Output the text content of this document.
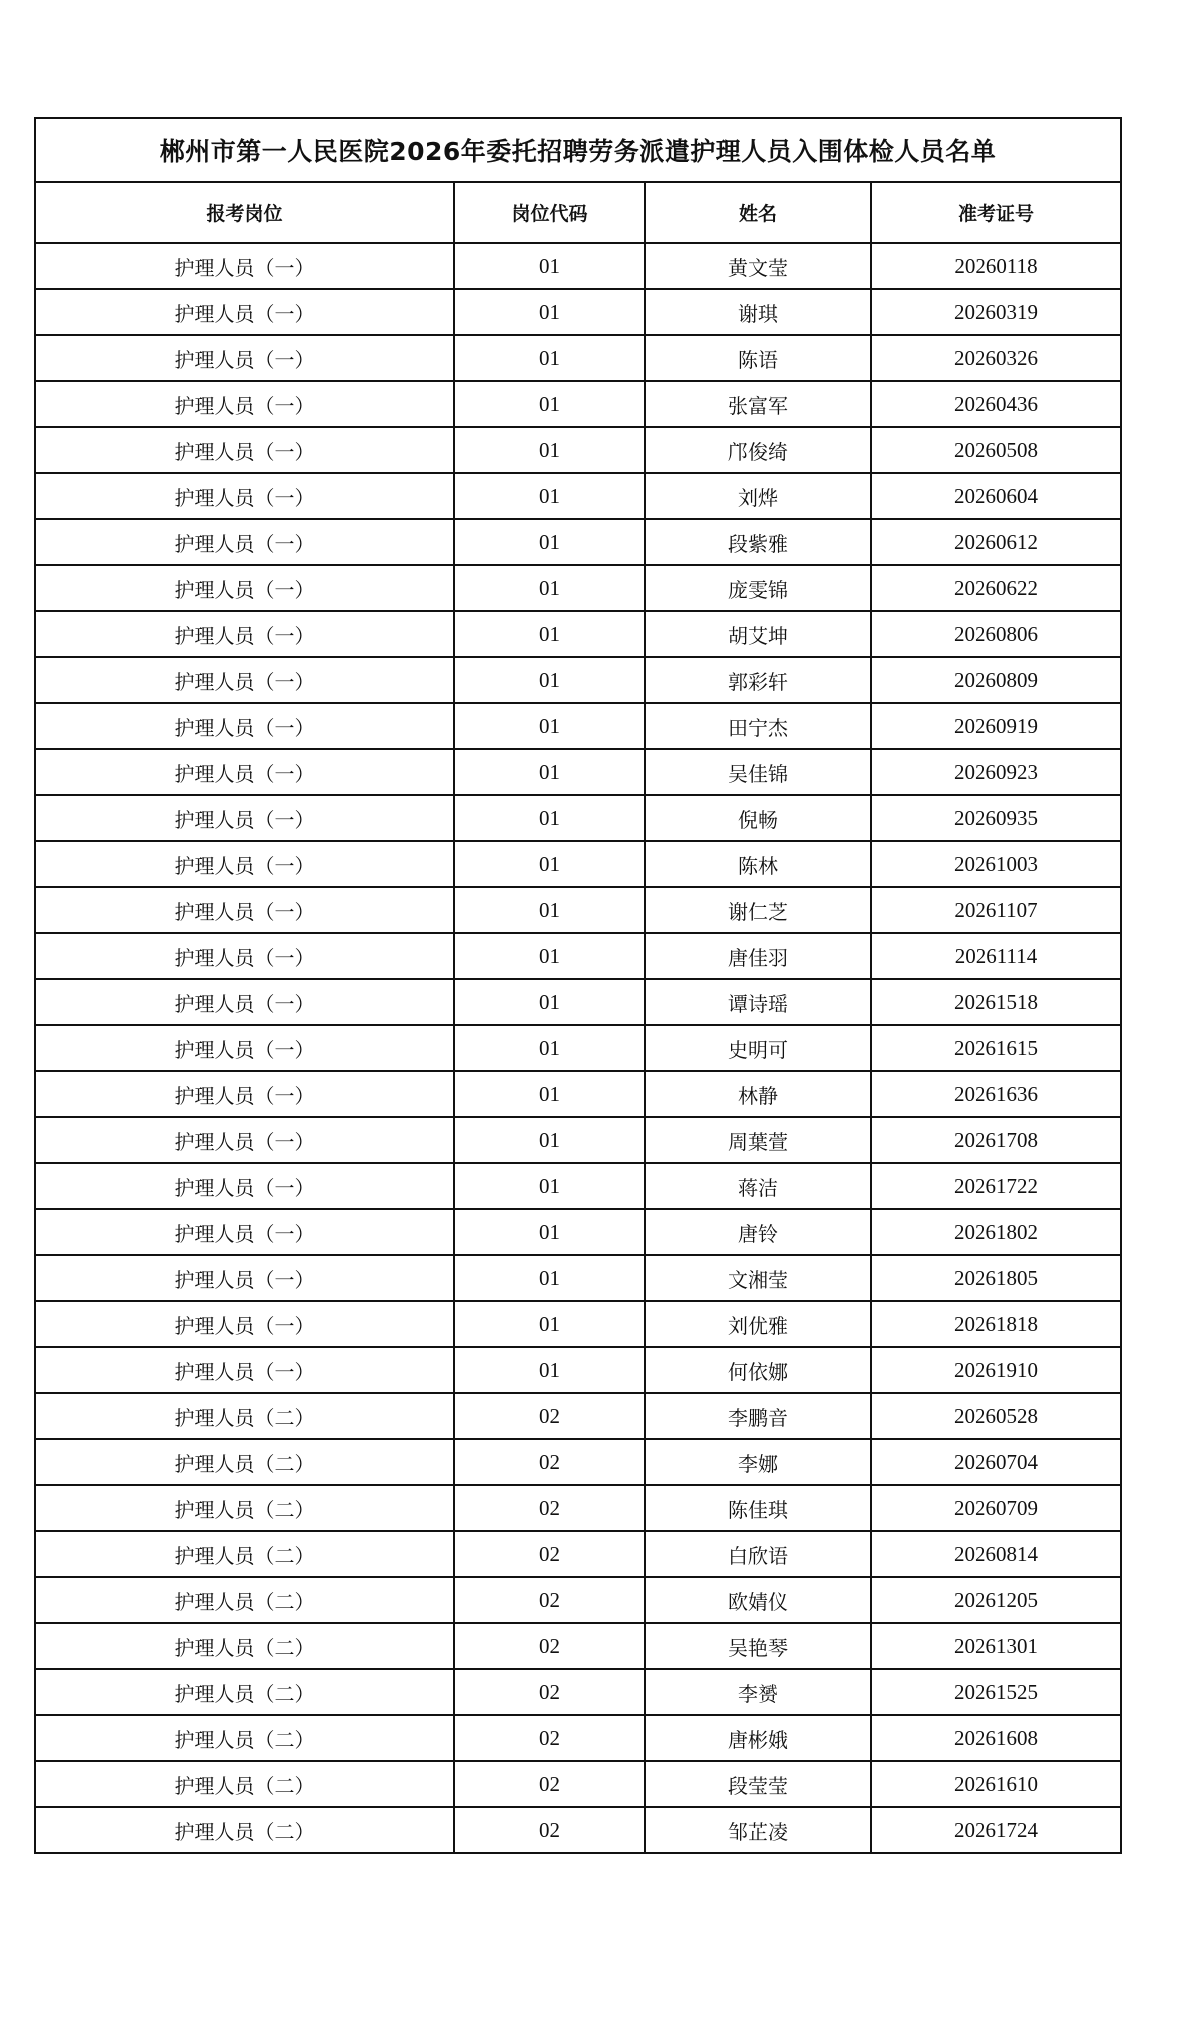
郴州市第一人民医院2026年委托招聘劳务派遣护理人员入围体检人员名单			
报考岗位	岗位代码	姓名	准考证号
护理人员（一）	01	黄文莹	20260118
护理人员（一）	01	谢琪	20260319
护理人员（一）	01	陈语	20260326
护理人员（一）	01	张富军	20260436
护理人员（一）	01	邝俊绮	20260508
护理人员（一）	01	刘烨	20260604
护理人员（一）	01	段紫雅	20260612
护理人员（一）	01	庞雯锦	20260622
护理人员（一）	01	胡艾坤	20260806
护理人员（一）	01	郭彩轩	20260809
护理人员（一）	01	田宁杰	20260919
护理人员（一）	01	吴佳锦	20260923
护理人员（一）	01	倪畅	20260935
护理人员（一）	01	陈林	20261003
护理人员（一）	01	谢仁芝	20261107
护理人员（一）	01	唐佳羽	20261114
护理人员（一）	01	谭诗瑶	20261518
护理人员（一）	01	史明可	20261615
护理人员（一）	01	林静	20261636
护理人员（一）	01	周葉萱	20261708
护理人员（一）	01	蒋洁	20261722
护理人员（一）	01	唐铃	20261802
护理人员（一）	01	文湘莹	20261805
护理人员（一）	01	刘优雅	20261818
护理人员（一）	01	何依娜	20261910
护理人员（二）	02	李鹏音	20260528
护理人员（二）	02	李娜	20260704
护理人员（二）	02	陈佳琪	20260709
护理人员（二）	02	白欣语	20260814
护理人员（二）	02	欧婧仪	20261205
护理人员（二）	02	吴艳琴	20261301
护理人员（二）	02	李赟	20261525
护理人员（二）	02	唐彬娥	20261608
护理人员（二）	02	段莹莹	20261610
护理人员（二）	02	邹芷凌	20261724
